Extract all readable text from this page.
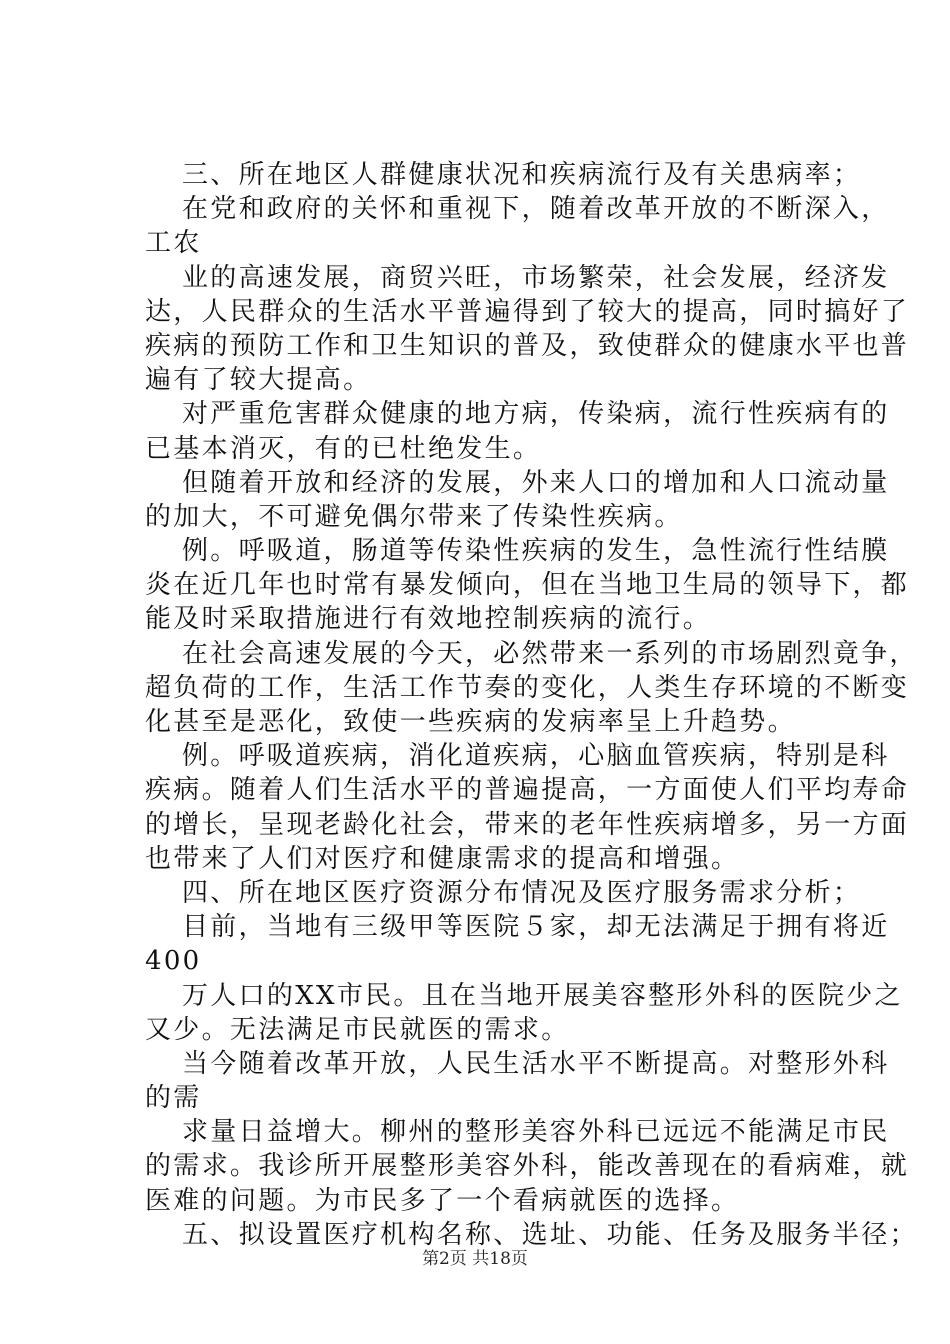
三、所在地区人群健康状况和疾病流行及有关患病率；
在党和政府的关怀和重视下，随着改革开放的不断深入，
工农
业的高速发展，商贸兴旺，市场繁荣，社会发展，经济发
达，人民群众的生活水平普遍得到了较大的提高，同时搞好了
疾病的预防工作和卫生知识的普及，致使群众的健康水平也普
遍有了较大提高。
对严重危害群众健康的地方病，传染病，流行性疾病有的
已基本消灭，有的已杜绝发生。
但随着开放和经济的发展，外来人口的增加和人口流动量
的加大，不可避免偶尔带来了传染性疾病。
例。呼吸道，肠道等传染性疾病的发生，急性流行性结膜
炎在近几年也时常有暴发倾向，但在当地卫生局的领导下，都
能及时采取措施进行有效地控制疾病的流行。
在社会高速发展的今天，必然带来一系列的市场剧烈竟争，
超负荷的工作，生活工作节奏的变化，人类生存环境的不断变
化甚至是恶化，致使一些疾病的发病率呈上升趋势。
例。呼吸道疾病，消化道疾病，心脑血管疾病，特别是科
疾病。随着人们生活水平的普遍提高，一方面使人们平均寿命
的增长，呈现老龄化社会，带来的老年性疾病增多，另一方面
也带来了人们对医疗和健康需求的提高和增强。
四、所在地区医疗资源分布情况及医疗服务需求分析；
目前，当地有三级甲等医院５家，却无法满足于拥有将近
400
万人口的XX市民。且在当地开展美容整形外科的医院少之
又少。无法满足市民就医的需求。
当今随着改革开放，人民生活水平不断提高。对整形外科
的需
求量日益增大。柳州的整形美容外科已远远不能满足市民
的需求。我诊所开展整形美容外科，能改善现在的看病难，就
医难的问题。为市民多了一个看病就医的选择。
五、拟设置医疗机构名称、选址、功能、任务及服务半径；
第2页 共18页
